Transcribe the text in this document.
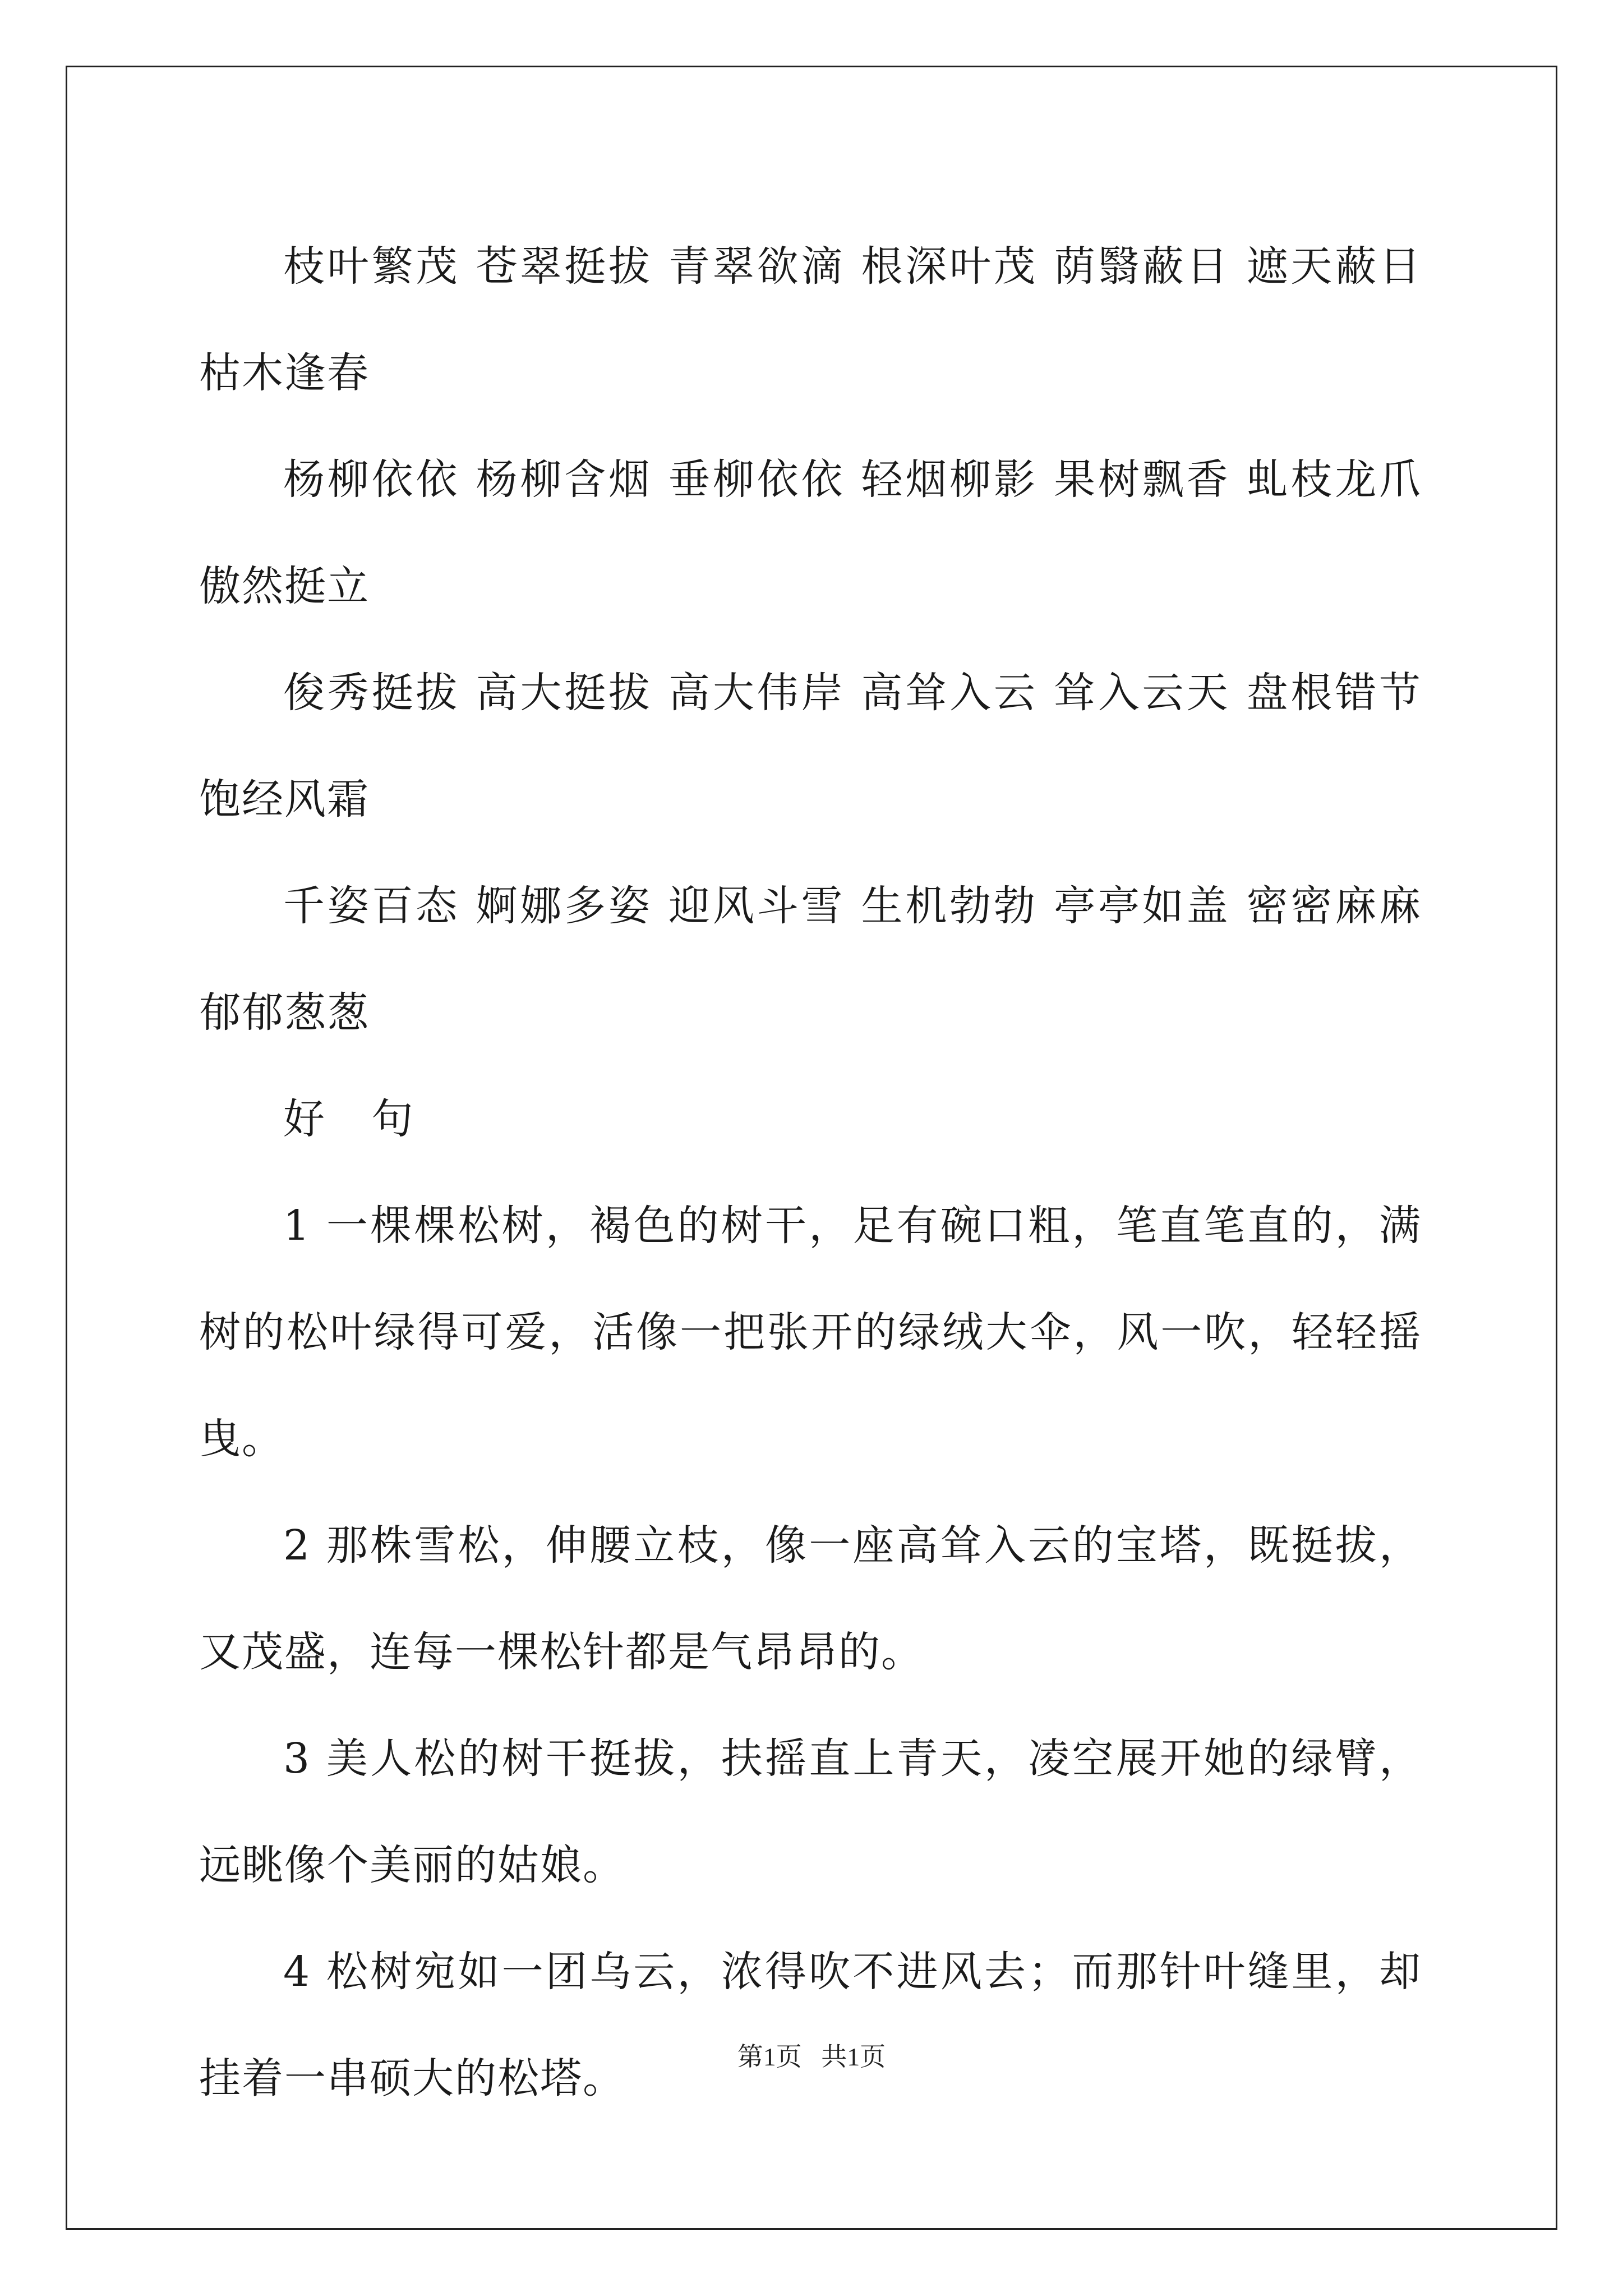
枝叶繁茂 苍翠挺拔 青翠欲滴 根深叶茂 荫翳蔽日 遮天蔽日 枯木逢春

杨柳依依 杨柳含烟 垂柳依依 轻烟柳影 果树飘香 虬枝龙爪 傲然挺立

俊秀挺拔 高大挺拔 高大伟岸 高耸入云 耸入云天 盘根错节 饱经风霜

千姿百态 婀娜多姿 迎风斗雪 生机勃勃 亭亭如盖 密密麻麻 郁郁葱葱

好 句

1 一棵棵松树，褐色的树干，足有碗口粗，笔直笔直的，满树的松叶绿得可爱，活像一把张开的绿绒大伞，风一吹，轻轻摇曳。

2 那株雪松，伸腰立枝，像一座高耸入云的宝塔，既挺拔，又茂盛，连每一棵松针都是气昂昂的。

3 美人松的树干挺拔，扶摇直上青天，凌空展开她的绿臂，远眺像个美丽的姑娘。

4 松树宛如一团乌云，浓得吹不进风去；而那针叶缝里，却挂着一串硕大的松塔。	第1页   共1页
